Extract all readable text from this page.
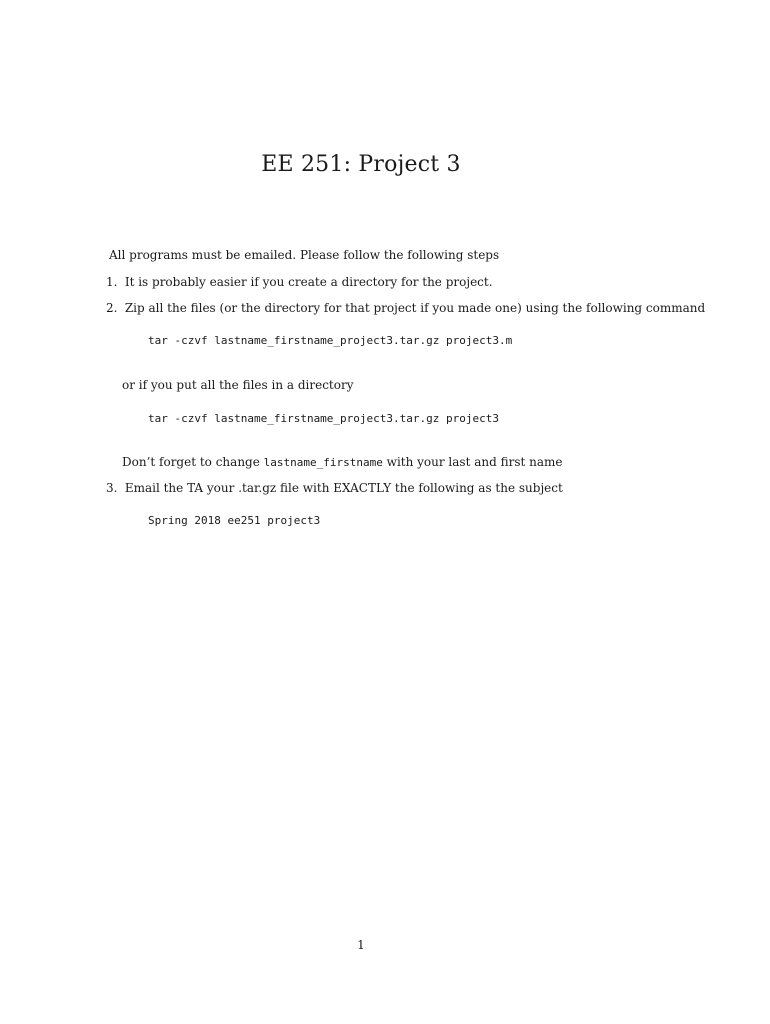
EE 251: Project 3
All programs must be emailed. Please follow the following steps
1. It is probably easier if you create a directory for the project.
2. Zip all the files (or the directory for that project if you made one) using the following command
tar -czvf lastname_firstname_project3.tar.gz project3.m
or if you put all the files in a directory
tar -czvf lastname_firstname_project3.tar.gz project3
Don’t forget to change lastname_firstname with your last and first name
3. Email the TA your .tar.gz file with EXACTLY the following as the subject
Spring 2018 ee251 project3
1
